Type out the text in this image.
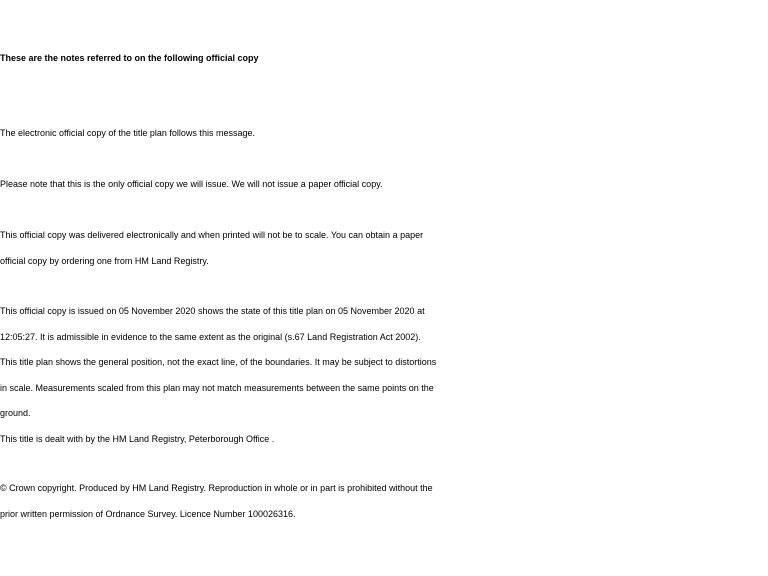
These are the notes referred to on the following official copy
The electronic official copy of the title plan follows this message.
Please note that this is the only official copy we will issue. We will not issue a paper official copy.
This official copy was delivered electronically and when printed will not be to scale. You can obtain a paper
official copy by ordering one from HM Land Registry.
This official copy is issued on 05 November 2020 shows the state of this title plan on 05 November 2020 at
12:05:27. It is admissible in evidence to the same extent as the original (s.67 Land Registration Act 2002).
This title plan shows the general position, not the exact line, of the boundaries. It may be subject to distortions
in scale. Measurements scaled from this plan may not match measurements between the same points on the
ground.
This title is dealt with by the HM Land Registry, Peterborough Office .
© Crown copyright. Produced by HM Land Registry. Reproduction in whole or in part is prohibited without the
prior written permission of Ordnance Survey. Licence Number 100026316.
